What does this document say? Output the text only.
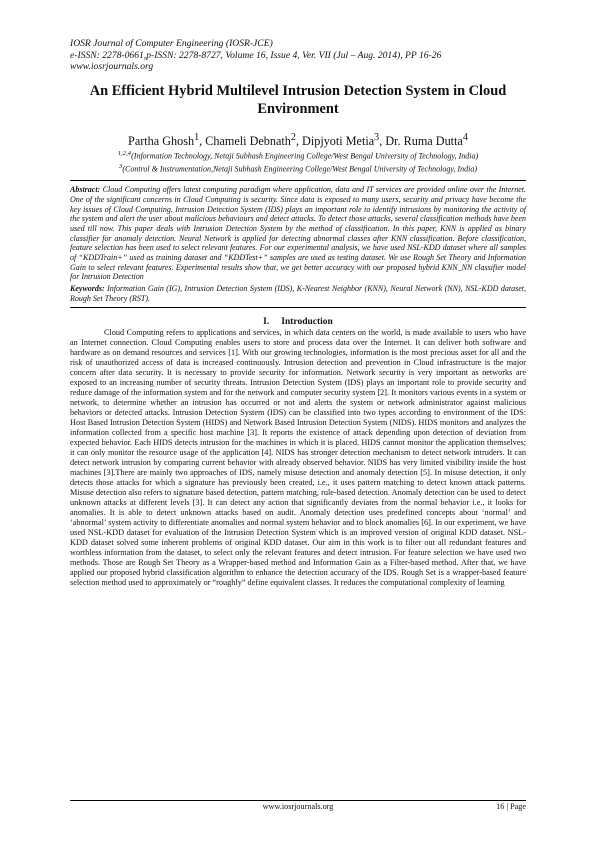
IOSR Journal of Computer Engineering (IOSR-JCE)
e-ISSN: 2278-0661,p-ISSN: 2278-8727, Volume 16, Issue 4, Ver. VII (Jul – Aug. 2014), PP 16-26
www.iosrjournals.org
An Efficient Hybrid Multilevel Intrusion Detection System in Cloud Environment
Partha Ghosh$^1$, Chameli Debnath$^2$, Dipjyoti Metia$^3$, Dr. Ruma Dutta$^4$
$^{1,2,4}$(Information Technology, Netaji Subhash Engineering College/West Bengal University of Technology, India)
$^3$(Control & Instrumentation,Netaji Subhash Engineering College/West Bengal University of Technology, India)
Abstract: Cloud Computing offers latest computing paradigm where application, data and IT services are provided online over the Internet. One of the significant concerns in Cloud Computing is security. Since data is exposed to many users, security and privacy have become the key issues of Cloud Computing. Intrusion Detection System (IDS) plays an important role to identify intrusions by monitoring the activity of the system and alert the user about malicious behaviours and detect attacks. To detect those attacks, several classification methods have been used till now. This paper deals with Intrusion Detection System by the method of classification. In this paper, KNN is applied as binary classifier for anomaly detection. Neural Network is applied for detecting abnormal classes after KNN classification. Before classification, feature selection has been used to select relevant features. For our experimental analysis, we have used NSL-KDD dataset where all samples of “KDDTrain+” used as training dataset and “KDDTest+” samples are used as testing dataset. We use Rough Set Theory and Information Gain to select relevant features. Experimental results show that, we get better accuracy with our proposed hybrid KNN_NN classifier model for Intrusion Detection
Keywords: Information Gain (IG), Intrusion Detection System (IDS), K-Nearest Neighbor (KNN), Neural Network (NN), NSL-KDD dataset, Rough Set Theory (RST).
I. Introduction
Cloud Computing refers to applications and services, in which data centers on the world, is made available to users who have an Internet connection. Cloud Computing enables users to store and process data over the Internet. It can deliver both software and hardware as on demand resources and services [1]. With our growing technologies, information is the most precious asset for all and the risk of unauthorized access of data is increased continuously. Intrusion detection and prevention in Cloud infrastructure is the major concern after data security. It is necessary to provide security for information. Network security is very important as networks are exposed to an increasing number of security threats. Intrusion Detection System (IDS) plays an important role to provide security and reduce damage of the information system and for the network and computer security system [2]. It monitors various events in a system or network, to determine whether an intrusion has occurred or not and alerts the system or network administrator against malicious behaviors or detected attacks. Intrusion Detection System (IDS) can be classified into two types according to environment of the IDS: Host Based Intrusion Detection System (HIDS) and Network Based Intrusion Detection System (NIDS). HIDS monitors and analyzes the information collected from a specific host machine [3]. It reports the existence of attack depending upon detection of deviation from expected behavior. Each HIDS detects intrusion for the machines in which it is placed. HIDS cannot monitor the application themselves; it can only monitor the resource usage of the application [4]. NIDS has stronger detection mechanism to detect network intruders. It can detect network intrusion by comparing current behavior with already observed behavior. NIDS has very limited visibility inside the host machines [3].There are mainly two approaches of IDS, namely misuse detection and anomaly detection [5]. In misuse detection, it only detects those attacks for which a signature has previously been created, i.e., it uses pattern matching to detect known attack patterns. Misuse detection also refers to signature based detection, pattern matching, rule-based detection. Anomaly detection can be used to detect unknown attacks at different levels [3]. It can detect any action that significantly deviates from the normal behavior i.e., it looks for anomalies. It is able to detect unknown attacks based on audit. Anomaly detection uses predefined concepts about ‘normal’ and ‘abnormal’ system activity to differentiate anomalies and normal system behavior and to block anomalies [6]. In our experiment, we have used NSL-KDD dataset for evaluation of the Intrusion Detection System which is an improved version of original KDD dataset. NSL-KDD dataset solved some inherent problems of original KDD dataset. Our aim in this work is to filter out all redundant features and worthless information from the dataset, to select only the relevant features and detect intrusion. For feature selection we have used two methods. Those are Rough Set Theory as a Wrapper-based method and Information Gain as a Filter-based method. After that, we have applied our proposed hybrid classification algorithm to enhance the detection accuracy of the IDS. Rough Set is a wrapper-based feature selection method used to approximately or “roughly” define equivalent classes. It reduces the computational complexity of learning
www.iosrjournals.org	16 | Page
